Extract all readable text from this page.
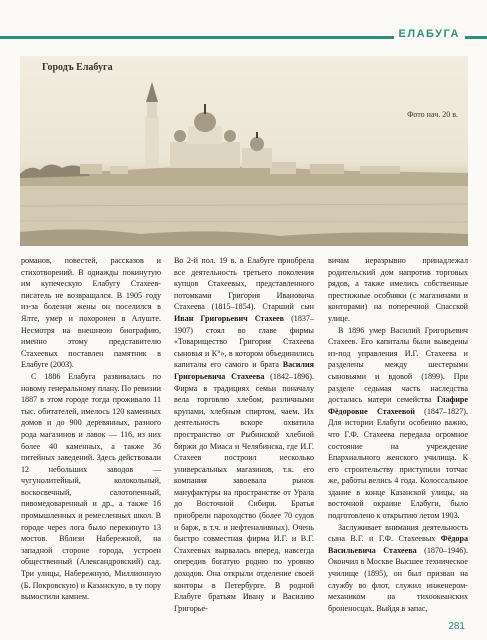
ЕЛАБУГА
Городъ Елабуга
Фото нач. 20 в.

романов, повестей, рассказов и стихотворений. В одиажды покинутую им купеческую Елабугу Стахеев-писатель не возвращался. В 1905 году из-за болезни жены он поселился в Ялте, умер и похоронен в Алуште. Несмотря на внешнюю биографию, именно этому представителю Стахеевых поставлен памятник в Елабуге (2003).

С 1886 Елабуга развивалась по новому генеральному плану. По ревизии 1887 в этом городе тогда проживало 11 тыс. обитателей, имелось 120 каменных домов и до 900 деревянных, разного рода магазинов и лавок — 116, из них более 40 каменных, а также 36 питейных заведений. Здесь действовали 12 небольших заводов — чугунолитейный, колокольный, воскосвечный, салотопенный, пивомедоваренный и др., а также 16 промышленных и ремесленных школ. В городе через лога было перекинуто 13 мостов. Вблизи Набережной, на западной стороне города, устроен общественный (Александровский) сад. Три улицы, Набережную, Миллионную (Б. Покровскую) и Казанскую, в ту пору вымостили камнем.

Во 2-й пол. 19 в. в Елабуге приобрела все деятельность третьего поколения купцов Стахеевых, представленного потомками Григория Ивановича Стахеева (1815–1854). Старший сын Иван Григорьевич Стахеев (1837–1907) стоял во главе фирмы «Товарищество Григория Стахеева сыновья и К°», в котором объединились капиталы его самого и брата Василия Григорьевича Стахеева (1842–1896). Фирма в традициях семьи поначалу вела торговлю хлебом, различными крупами, хлебным спиртом, чаем. Их деятельность вскоре охватила пространство от Рыбинской хлебной биржи до Миаса и Челябинска, где И.Г. Стахеев построил несколько универсальных магазинов, т.к. его компания завоевала рынок мануфактуры на пространстве от Урала до Восточной Сибири. Братья приобрели пароходство (более 70 судов и барж, в т.ч. и нефтеналивных). Очень быстро совместная фирма И.Г. и В.Г. Стахеевых вырвалась вперед, навсегда опередив богатую родню по уровню доходов. Она открыли отделение своей конторы в Петербурге. В родной Елабуге братьям Ивану и Василию Григорье-

вичам неразрывно принадлежал родительский дом напротив торговых рядов, а также имелись собственные престижные особняки (с магазинами и конторами) на поперечной Спасской улице.

В 1896 умер Василий Григорьевич Стахеев. Его капиталы были выведены из-под управления И.Г. Стахеева и разделены между шестерыми сыновьями и вдовой (1899). При разделе седьмая часть наследства досталась матери семейства Глафире Фёдоровне Стахеевой (1847–1827). Для истории Елабуги особенно важно, что Г.Ф. Стахеева передала огромное состояние на учреждение Епархиального женского училища. К его строительству приступили тотчас же, работы велись 4 года. Колоссальное здание в конце Казанской улицы, на восточной окраине Елабуги, было подготовлено к открытию летом 1903.

Заслуживает внимания деятельность сына В.Г. и Г.Ф. Стахеевых Фёдора Васильевича Стахеева (1870–1946). Окончил в Москве Высшее техническое училище (1895), он был призван на службу во флот, служил инженером-механиком на тихоокеанских броненосцах. Выйдя в запас,

281
